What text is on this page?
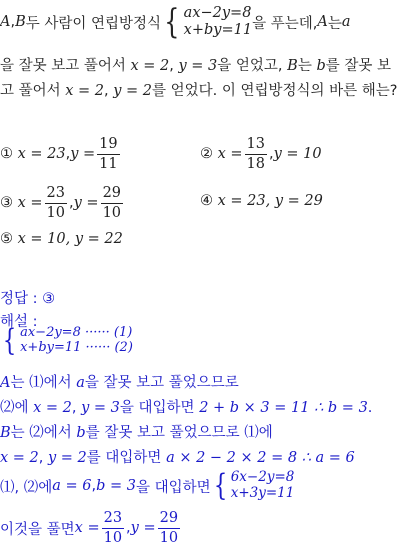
A , B 두 사람이 연립방정식 { ax−2y=8
x+by=11 을 푸는데, A 는 a
을 잘못 보고 풀어서 x = 2, y = 3을 얻었고, B는 b를 잘못 보
고 풀어서 x = 2, y = 2를 얻었다. 이 연립방정식의 바른 해는?
①
x = 23 , $y = \frac{19}{11}$	②
$x = \frac{13}{18}$ , y = 10
③
$x = \frac{23}{10}$ , $y = \frac{29}{10}$	④ x = 23, y = 29
⑤ x = 10, y = 22
정답 : ③
해설 :
{ ax−2y=8 ······ (1)
x+by=11 ······ (2)
A는 ⑴에서 a을 잘못 보고 풀었으므로
⑵에 x = 2, y = 3을 대입하면 2 + b × 3 = 11 ∴ b = 3.
B는 ⑵에서 b를 잘못 보고 풀었으므로 ⑴에
x = 2, y = 2를 대입하면 a × 2 − 2 × 2 = 8 ∴ a = 6
⑴, ⑵에 a = 6 , b = 3 을 대입하면 { 6x−2y=8
x+3y=11
이것을 풀면 $x = \frac{23}{10}$ , $y = \frac{29}{10}$
